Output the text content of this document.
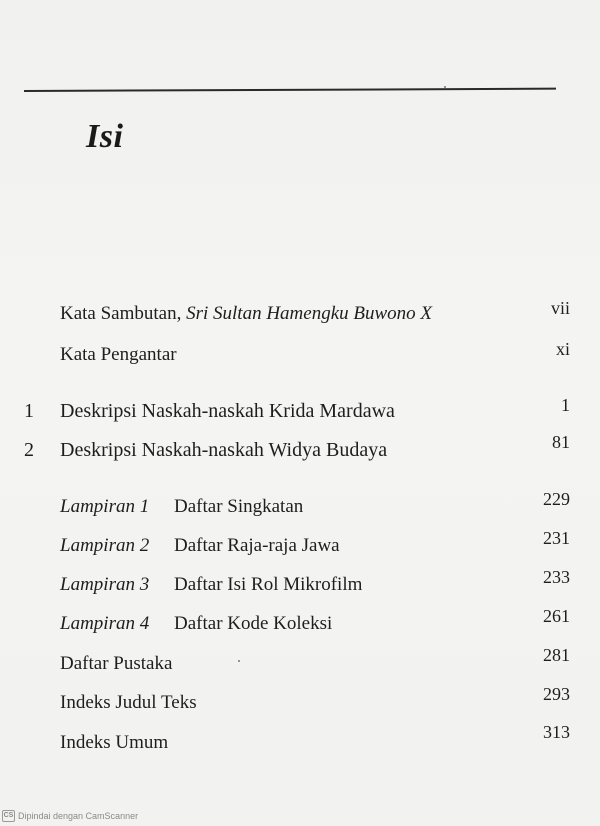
Isi
Kata Sambutan, Sri Sultan Hamengku Buwono X	vii
Kata Pengantar	xi
1	Deskripsi Naskah-naskah Krida Mardawa	1
2	Deskripsi Naskah-naskah Widya Budaya	81
Lampiran 1 Daftar Singkatan	229
Lampiran 2 Daftar Raja-raja Jawa	231
Lampiran 3 Daftar Isi Rol Mikrofilm	233
Lampiran 4 Daftar Kode Koleksi	261
Daftar Pustaka	281
Indeks Judul Teks	293
Indeks Umum	313
CS Dipindai dengan CamScanner
